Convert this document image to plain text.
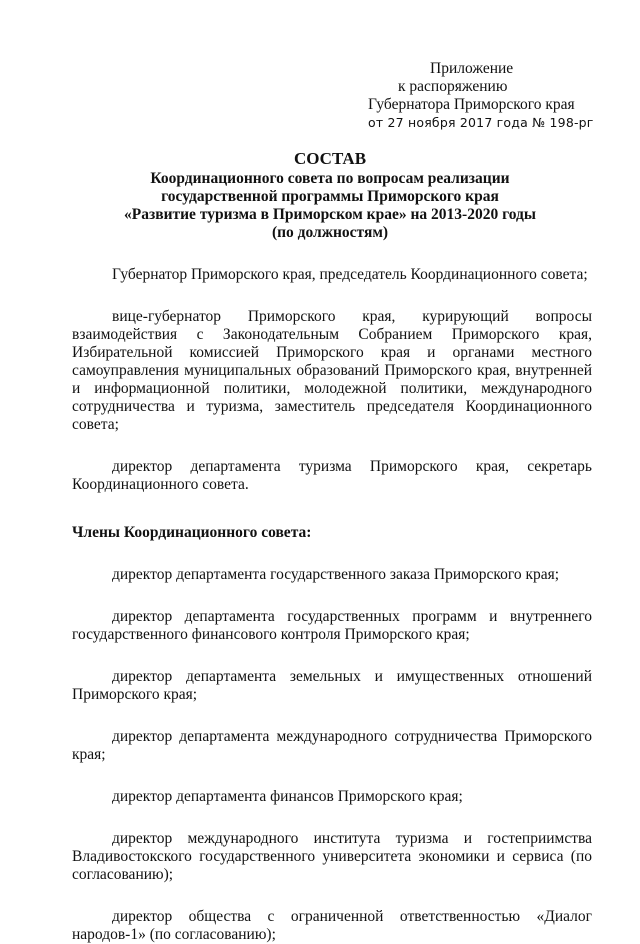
Приложение
к распоряжению
Губернатора Приморского края
от 27 ноября 2017 года № 198-рг
СОСТАВ
Координационного совета по вопросам реализации
государственной программы Приморского края
«Развитие туризма в Приморском крае» на 2013-2020 годы
(по должностям)

Губернатор Приморского края, председатель Координационного совета;

вице-губернатор Приморского края, курирующий вопросы взаимодействия с Законодательным Собранием Приморского края, Избирательной комиссией Приморского края и органами местного самоуправления муниципальных образований Приморского края, внутренней и информационной политики, молодежной политики, международного сотрудничества и туризма, заместитель председателя Координационного совета;

директор департамента туризма Приморского края, секретарь Координационного совета.

Члены Координационного совета:

директор департамента государственного заказа Приморского края;

директор департамента государственных программ и внутреннего государственного финансового контроля Приморского края;

директор департамента земельных и имущественных отношений Приморского края;

директор департамента международного сотрудничества Приморского края;

директор департамента финансов Приморского края;

директор международного института туризма и гостеприимства Владивостокского государственного университета экономики и сервиса (по согласованию);

директор общества с ограниченной ответственностью «Диалог народов-1» (по согласованию);
